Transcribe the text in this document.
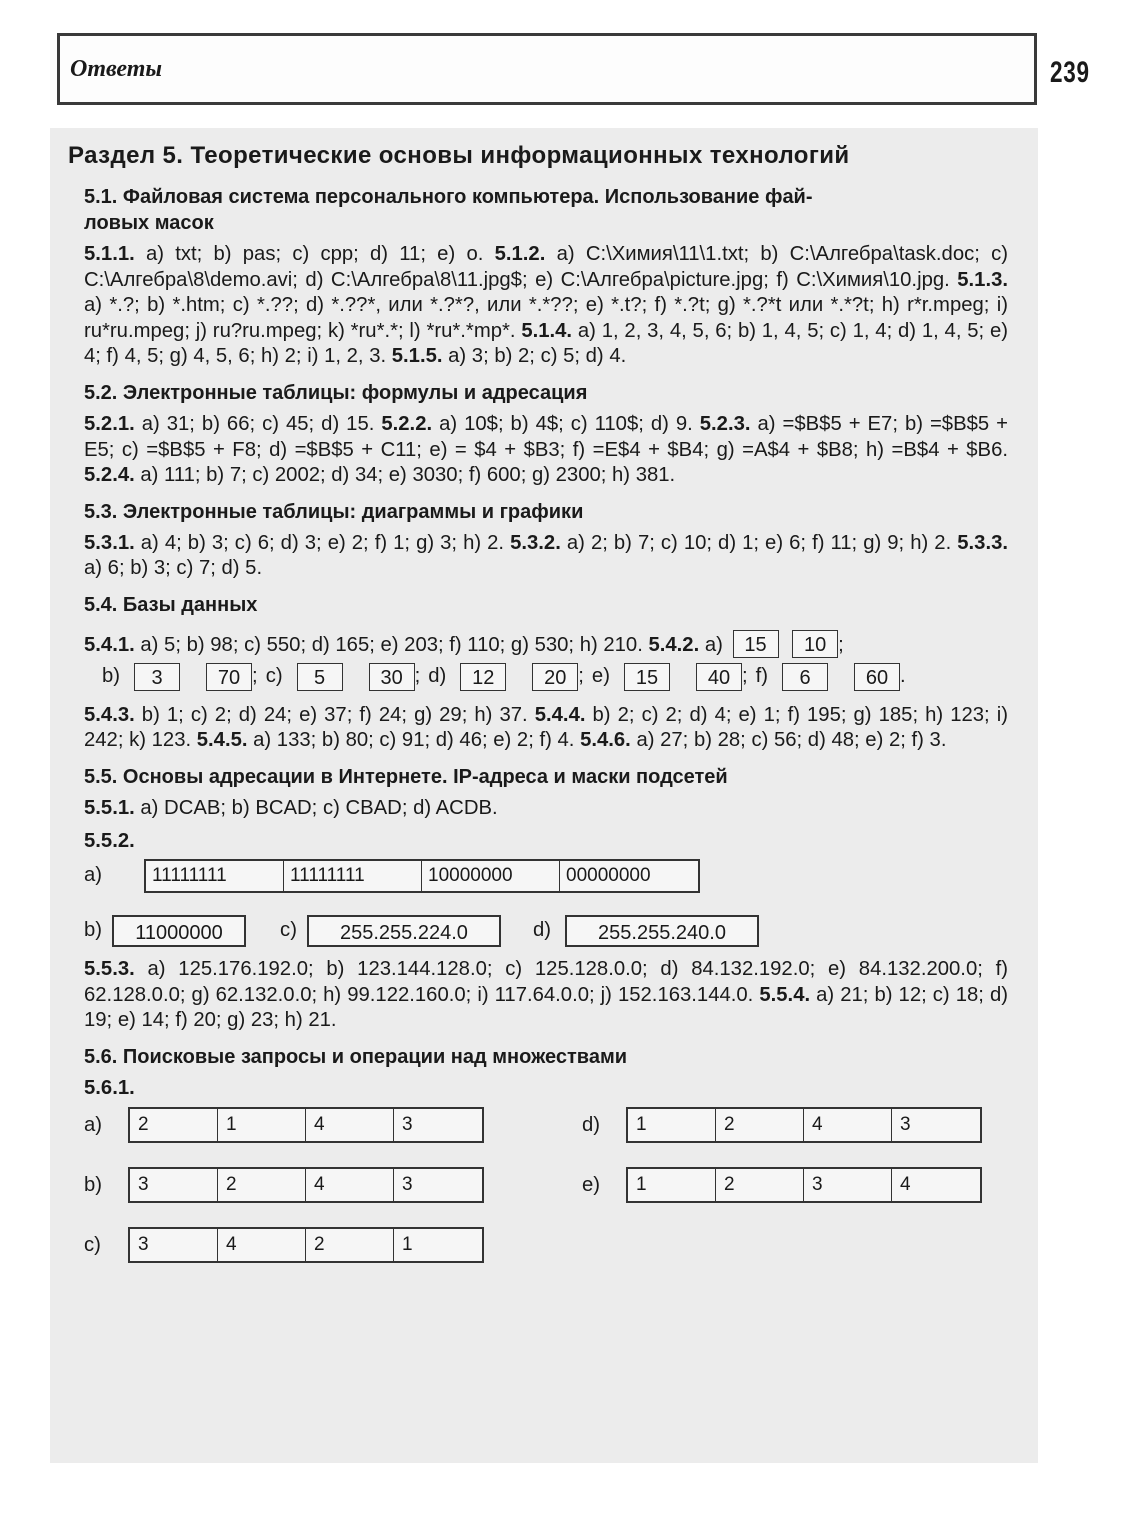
Ответы	239
Раздел 5. Теоретические основы информационных технологий
5.1. Файловая система персонального компьютера. Использование фай-
ловых масок
5.1.1. a) txt; b) pas; c) cpp; d) 11; e) o. 5.1.2. a) C:\Химия\11\1.txt; b) C:\Алгебра\task.doc; c) C:\Алгебра\8\demo.avi; d) C:\Алгебра\8\11.jpg$; e) C:\Алгебра\picture.jpg; f) C:\Химия\10.jpg. 5.1.3. a) *.?; b) *.htm; c) *.??; d) *.??*, или *.?*?, или *.*??; e) *.t?; f) *.?t; g) *.?*t или *.*?t; h) r*r.mpeg; i) ru*ru.mpeg; j) ru?ru.mpeg; k) *ru*.*; l) *ru*.*mp*. 5.1.4. a) 1, 2, 3, 4, 5, 6; b) 1, 4, 5; c) 1, 4; d) 1, 4, 5; e) 4; f) 4, 5; g) 4, 5, 6; h) 2; i) 1, 2, 3. 5.1.5. a) 3; b) 2; c) 5; d) 4.
5.2. Электронные таблицы: формулы и адресация
5.2.1. a) 31; b) 66; c) 45; d) 15. 5.2.2. a) 10$; b) 4$; c) 110$; d) 9. 5.2.3. a) =$B$5 + E7; b) =$B$5 + E5; c) =$B$5 + F8; d) =$B$5 + C11; e) = $4 + $B3; f) =E$4 + $B4; g) =A$4 + $B8; h) =B$4 + $B6. 5.2.4. a) 111; b) 7; c) 2002; d) 34; e) 3030; f) 600; g) 2300; h) 381.
5.3. Электронные таблицы: диаграммы и графики
5.3.1. a) 4; b) 3; c) 6; d) 3; e) 2; f) 1; g) 3; h) 2. 5.3.2. a) 2; b) 7; c) 10; d) 1; e) 6; f) 11; g) 9; h) 2. 5.3.3. a) 6; b) 3; c) 7; d) 5.
5.4. Базы данных
5.4.1. a) 5; b) 98; c) 550; d) 165; e) 203; f) 110; g) 530; h) 210. 5.4.2. a) 15 10 ;
b)	3	70 ; c)	5	30 ; d)	12	20 ; e)	15	40 ; f)	6	60 .
5.4.3. b) 1; c) 2; d) 24; e) 37; f) 24; g) 29; h) 37. 5.4.4. b) 2; c) 2; d) 4; e) 1; f) 195; g) 185; h) 123; i) 242; k) 123. 5.4.5. a) 133; b) 80; c) 91; d) 46; e) 2; f) 4. 5.4.6. a) 27; b) 28; c) 56; d) 48; e) 2; f) 3.
5.5. Основы адресации в Интернете. IP-адреса и маски подсетей
5.5.1. a) DCAB; b) BCAD; c) CBAD; d) ACDB.
5.5.2.
a)	11111111	11111111	10000000	00000000
b)	11000000	c)	255.255.224.0	d)	255.255.240.0
5.5.3. a) 125.176.192.0; b) 123.144.128.0; c) 125.128.0.0; d) 84.132.192.0; e) 84.132.200.0; f) 62.128.0.0; g) 62.132.0.0; h) 99.122.160.0; i) 117.64.0.0; j) 152.163.144.0. 5.5.4. a) 21; b) 12; c) 18; d) 19; e) 14; f) 20; g) 23; h) 21.
5.6. Поисковые запросы и операции над множествами
5.6.1.
a)	2	1	4	3	d)	1	2	4	3
b)	3	2	4	3	e)	1	2	3	4
c)	3	4	2	1
